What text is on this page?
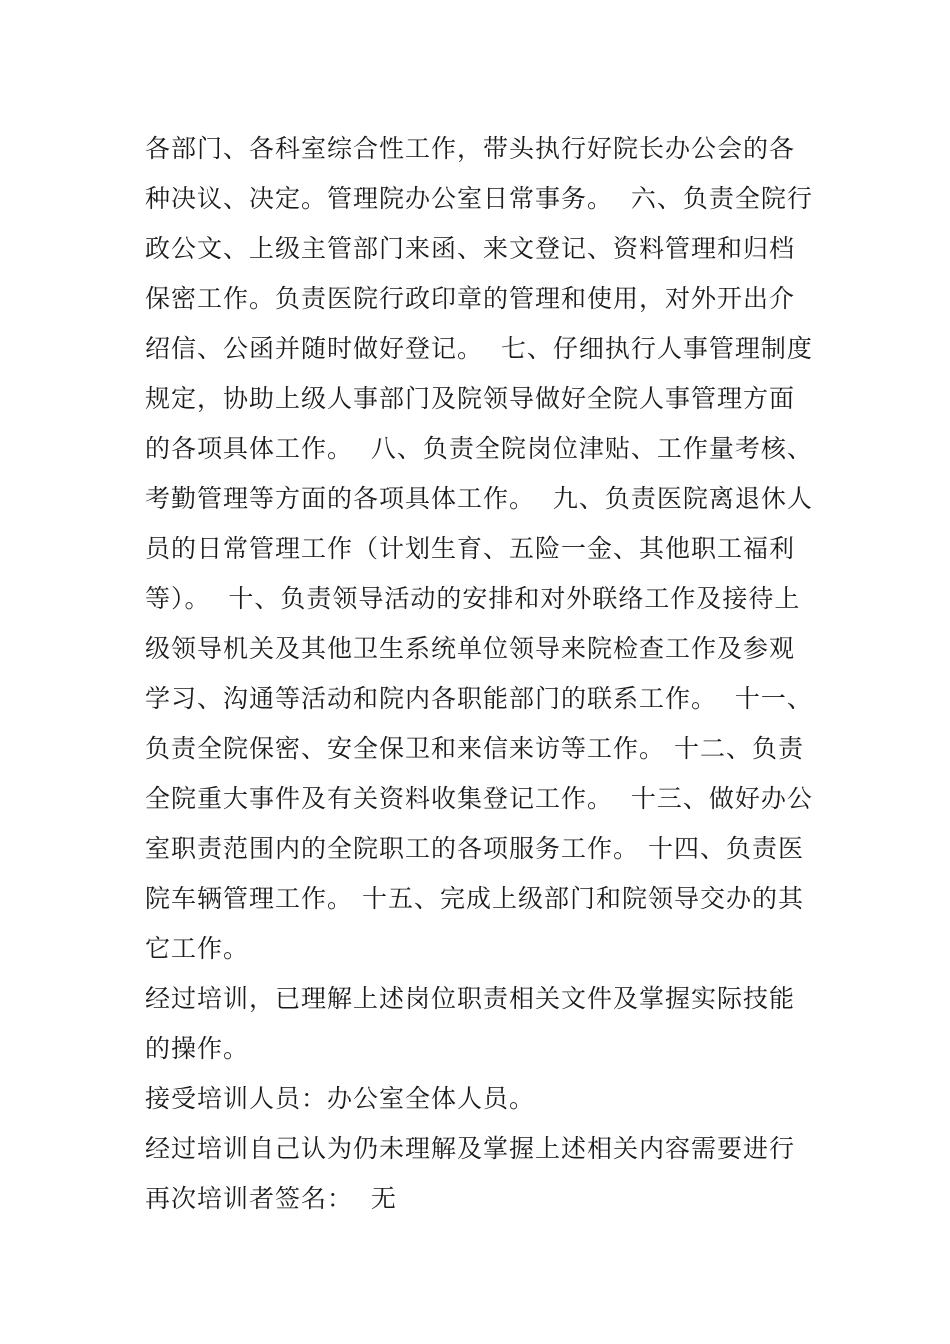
各部门、各科室综合性工作，带头执行好院长办公会的各
种决议、决定。管理院办公室日常事务。  六、负责全院行
政公文、上级主管部门来函、来文登记、资料管理和归档
保密工作。负责医院行政印章的管理和使用，对外开出介
绍信、公函并随时做好登记。  七、仔细执行人事管理制度
规定，协助上级人事部门及院领导做好全院人事管理方面
的各项具体工作。  八、负责全院岗位津贴、工作量考核、
考勤管理等方面的各项具体工作。  九、负责医院离退休人
员的日常管理工作（计划生育、五险一金、其他职工福利
等）。  十、负责领导活动的安排和对外联络工作及接待上
级领导机关及其他卫生系统单位领导来院检查工作及参观
学习、沟通等活动和院内各职能部门的联系工作。  十一、
负责全院保密、安全保卫和来信来访等工作。 十二、负责
全院重大事件及有关资料收集登记工作。  十三、做好办公
室职责范围内的全院职工的各项服务工作。 十四、负责医
院车辆管理工作。 十五、完成上级部门和院领导交办的其
它工作。
经过培训，已理解上述岗位职责相关文件及掌握实际技能
的操作。
接受培训人员：办公室全体人员。
经过培训自己认为仍未理解及掌握上述相关内容需要进行
再次培训者签名：  无
